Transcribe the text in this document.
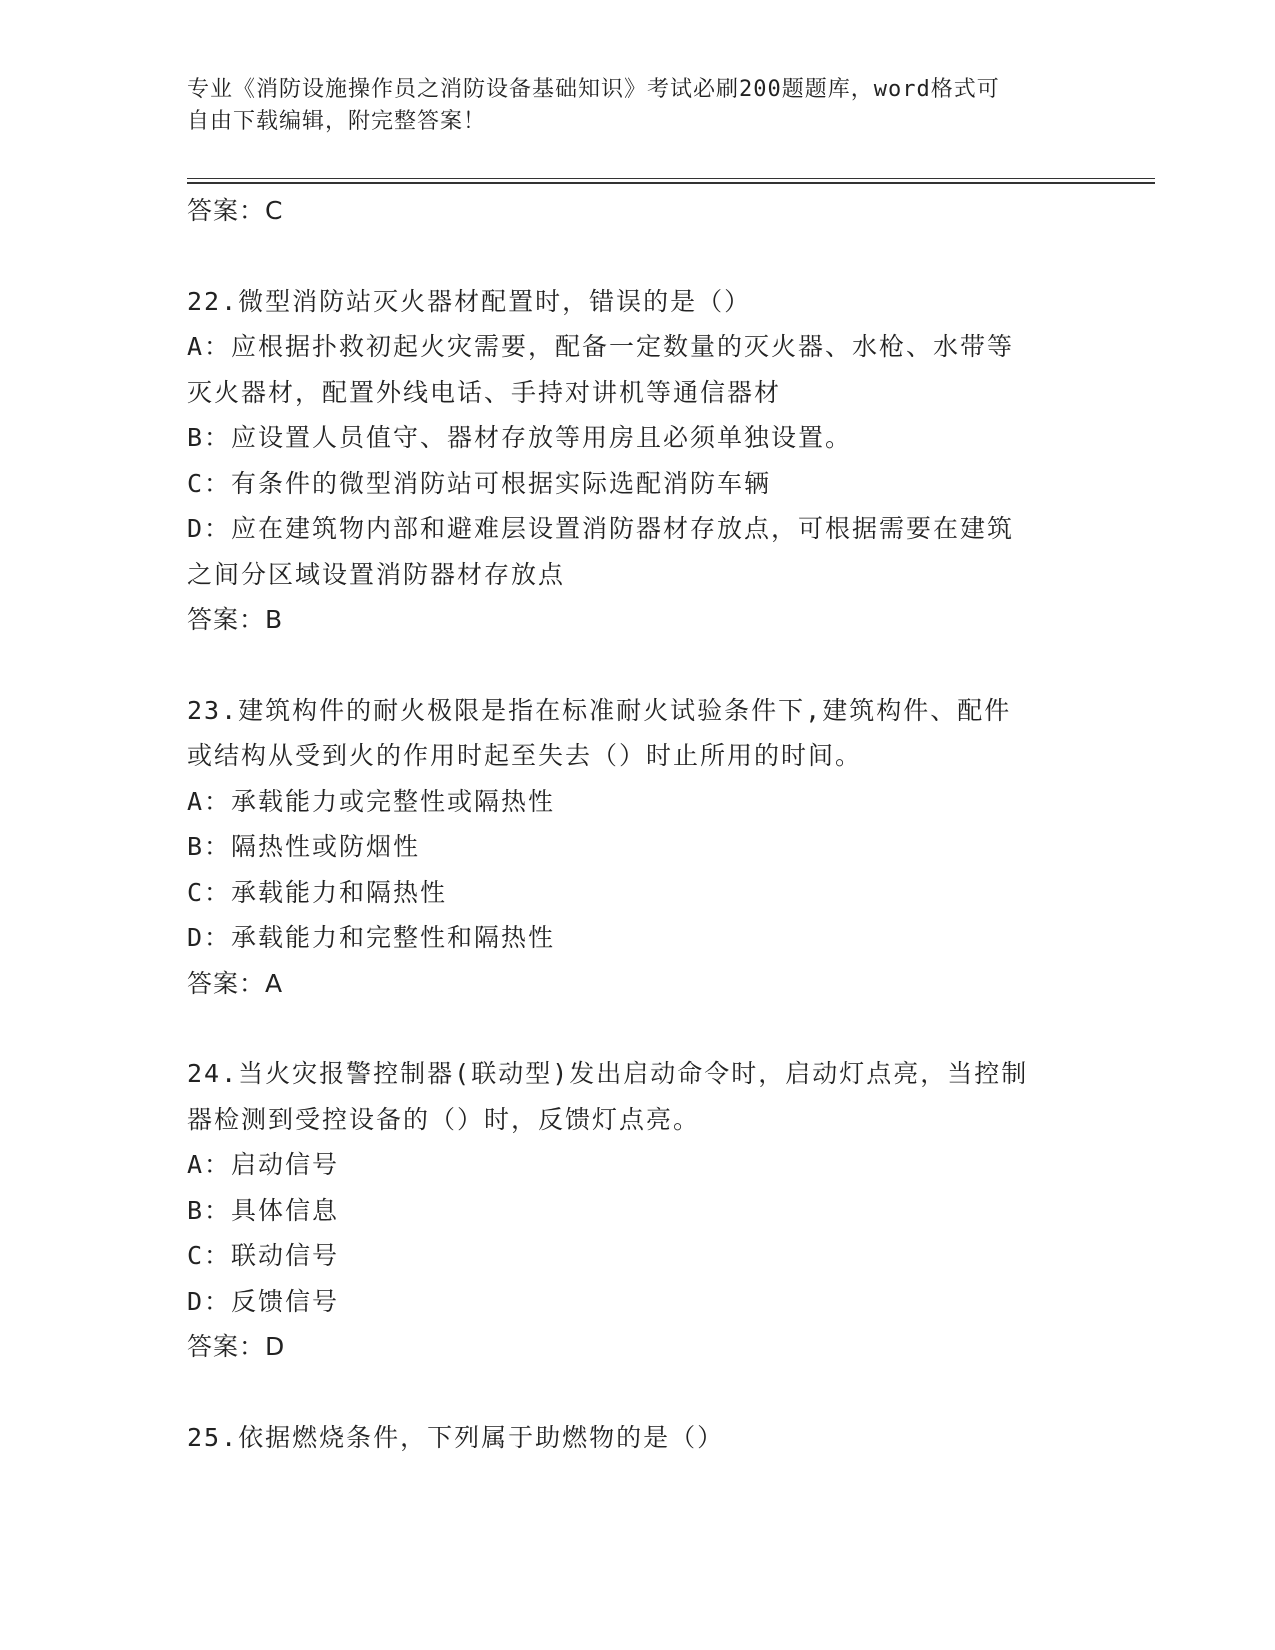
专业《消防设施操作员之消防设备基础知识》考试必刷200题题库，word格式可
自由下载编辑，附完整答案！
答案：C
22.微型消防站灭火器材配置时，错误的是（）
A：应根据扑救初起火灾需要，配备一定数量的灭火器、水枪、水带等
灭火器材，配置外线电话、手持对讲机等通信器材
B：应设置人员值守、器材存放等用房且必须单独设置。
C：有条件的微型消防站可根据实际选配消防车辆
D：应在建筑物内部和避难层设置消防器材存放点，可根据需要在建筑
之间分区域设置消防器材存放点
答案：B
23.建筑构件的耐火极限是指在标准耐火试验条件下,建筑构件、配件
或结构从受到火的作用时起至失去（）时止所用的时间。
A：承载能力或完整性或隔热性
B：隔热性或防烟性
C：承载能力和隔热性
D：承载能力和完整性和隔热性
答案：A
24.当火灾报警控制器(联动型)发出启动命令时，启动灯点亮，当控制
器检测到受控设备的（）时，反馈灯点亮。
A：启动信号
B：具体信息
C：联动信号
D：反馈信号
答案：D
25.依据燃烧条件，下列属于助燃物的是（）
